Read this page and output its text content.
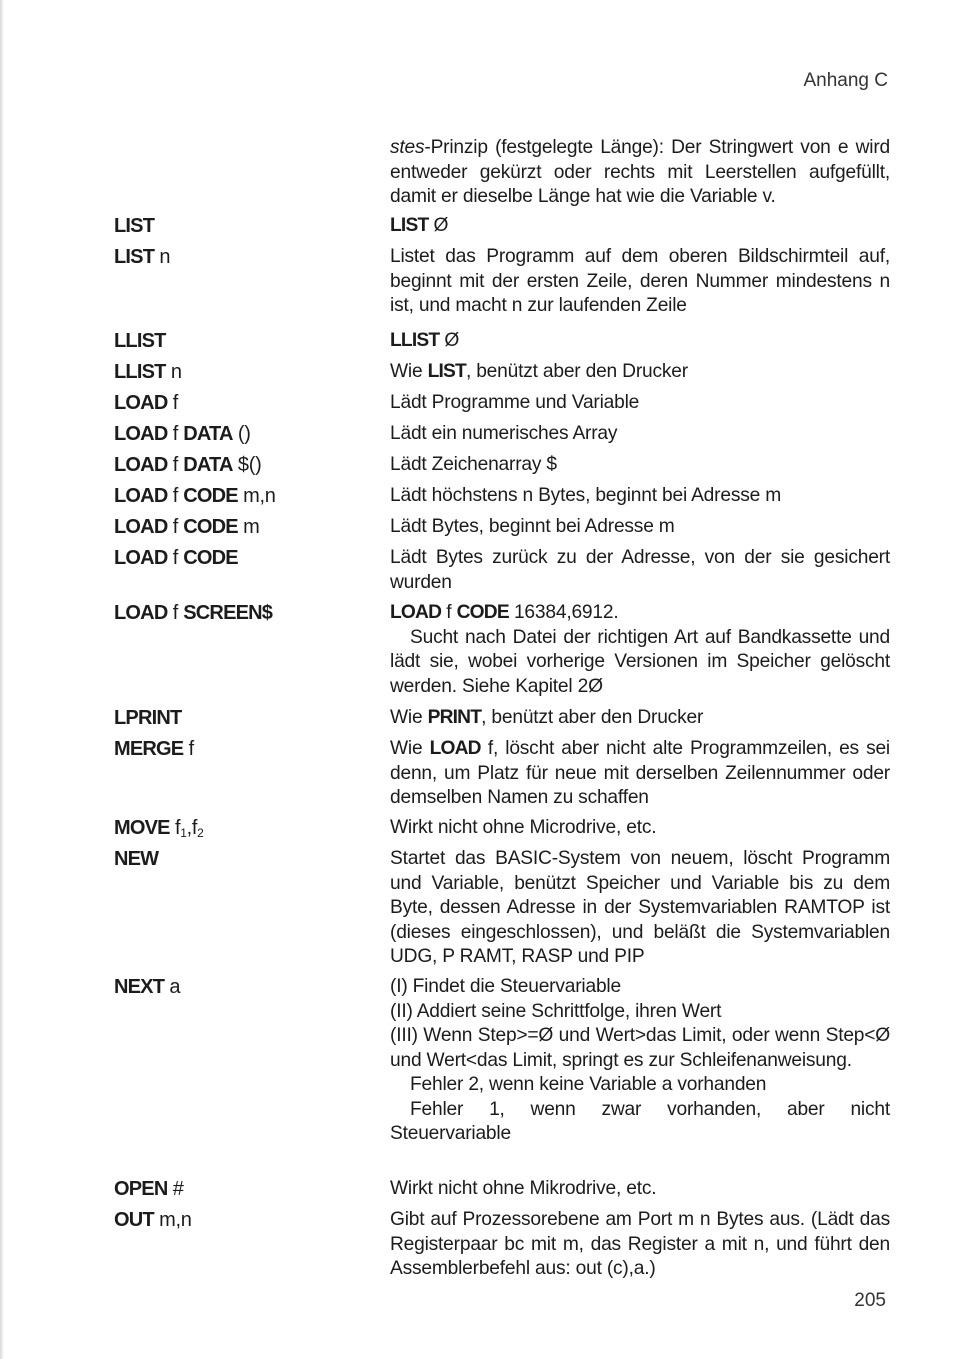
Anhang C
stes-Prinzip (festgelegte Länge): Der Stringwert von e wird entweder gekürzt oder rechts mit Leerstellen aufgefüllt, damit er dieselbe Länge hat wie die Variable v.
LIST	LIST Ø
LIST n	Listet das Programm auf dem oberen Bildschirmteil auf, beginnt mit der ersten Zeile, deren Nummer mindestens n ist, und macht n zur laufenden Zeile
LLIST	LLIST Ø
LLIST n	Wie LIST, benützt aber den Drucker
LOAD f	Lädt Programme und Variable
LOAD f DATA ()	Lädt ein numerisches Array
LOAD f DATA $()	Lädt Zeichenarray $
LOAD f CODE m,n	Lädt höchstens n Bytes, beginnt bei Adresse m
LOAD f CODE m	Lädt Bytes, beginnt bei Adresse m
LOAD f CODE	Lädt Bytes zurück zu der Adresse, von der sie gesichert wurden
LOAD f SCREEN$	LOAD f CODE 16384,6912.
Sucht nach Datei der richtigen Art auf Bandkassette und lädt sie, wobei vorherige Versionen im Speicher gelöscht werden. Siehe Kapitel 2Ø
LPRINT	Wie PRINT, benützt aber den Drucker
MERGE f	Wie LOAD f, löscht aber nicht alte Programmzeilen, es sei denn, um Platz für neue mit derselben Zeilennummer oder demselben Namen zu schaffen
MOVE $f_1,f_2$	Wirkt nicht ohne Microdrive, etc.
NEW	Startet das BASIC-System von neuem, löscht Programm und Variable, benützt Speicher und Variable bis zu dem Byte, dessen Adresse in der Systemvariablen RAMTOP ist (dieses eingeschlossen), und beläßt die Systemvariablen UDG, P RAMT, RASP und PIP
NEXT a	(I) Findet die Steuervariable
(II) Addiert seine Schrittfolge, ihren Wert
(III) Wenn Step>=Ø und Wert>das Limit, oder wenn Step<Ø und Wert<das Limit, springt es zur Schleifenanweisung.
Fehler 2, wenn keine Variable a vorhanden
Fehler 1, wenn zwar vorhanden, aber nicht Steuervariable
OPEN #	Wirkt nicht ohne Mikrodrive, etc.
OUT m,n	Gibt auf Prozessorebene am Port m n Bytes aus. (Lädt das Registerpaar bc mit m, das Register a mit n, und führt den Assemblerbefehl aus: out (c),a.)
205
